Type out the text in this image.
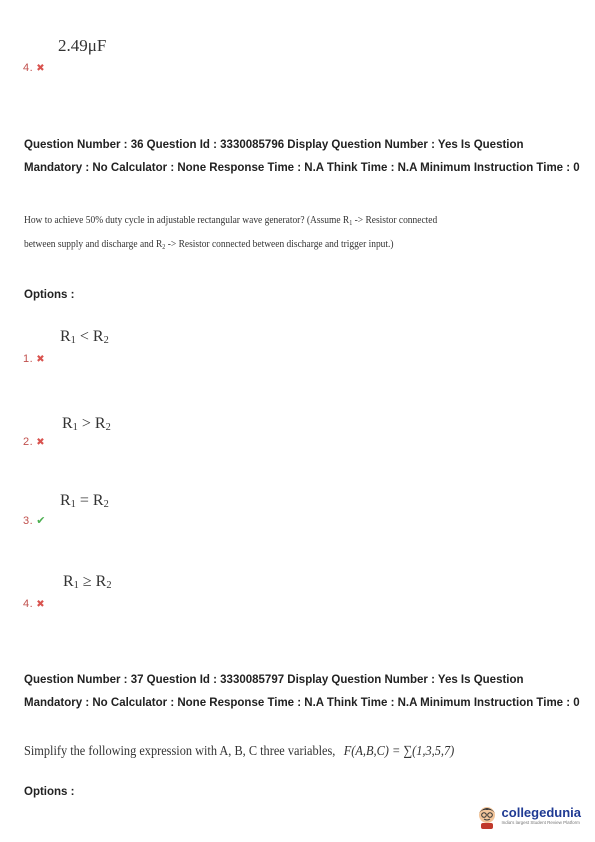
2.49μF
4. ✖
Question Number : 36 Question Id : 3330085796 Display Question Number : Yes Is Question Mandatory : No Calculator : None Response Time : N.A Think Time : N.A Minimum Instruction Time : 0
How to achieve 50% duty cycle in adjustable rectangular wave generator? (Assume $R_1$ -> Resistor connected
between supply and discharge and $R_2$ -> Resistor connected between discharge and trigger input.)
Options :
$R_1 < R_2$
1. ✖
$R_1 > R_2$
2. ✖
$R_1 = R_2$
3. ✔
$R_1 \ge R_2$
4. ✖
Question Number : 37 Question Id : 3330085797 Display Question Number : Yes Is Question Mandatory : No Calculator : None Response Time : N.A Think Time : N.A Minimum Instruction Time : 0
Simplify the following expression with A, B, C three variables, F(A,B,C) = ∑(1,3,5,7)
Options :
collegedunia
India's largest Student Review Platform
